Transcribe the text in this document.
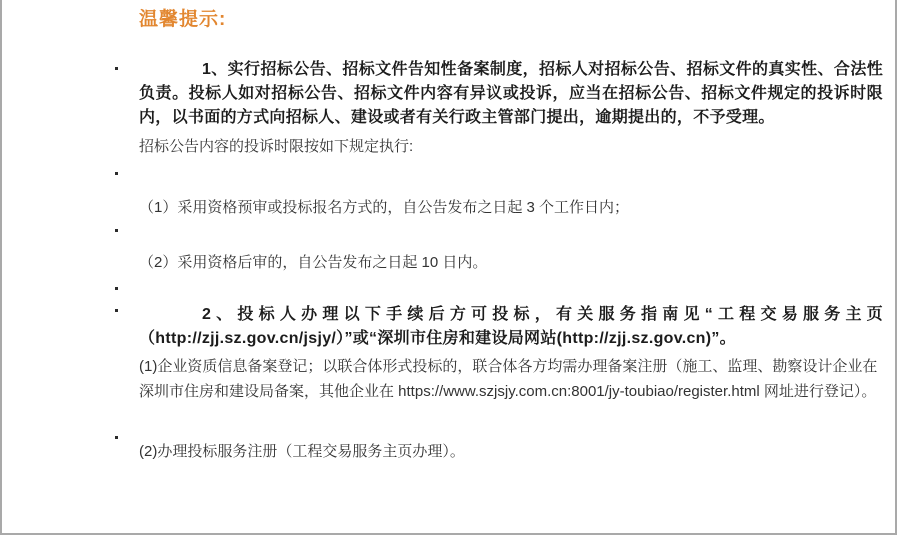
温馨提示:

1、实行招标公告、招标文件告知性备案制度，招标人对招标公告、招标文件的真实性、合法性负责。投标人如对招标公告、招标文件内容有异议或投诉，应当在招标公告、招标文件规定的投诉时限内，以书面的方式向招标人、建设或者有关行政主管部门提出，逾期提出的，不予受理。

招标公告内容的投诉时限按如下规定执行:

（1）采用资格预审或投标报名方式的，自公告发布之日起 3 个工作日内；

（2）采用资格后审的，自公告发布之日起 10 日内。

2、投标人办理以下手续后方可投标，有关服务指南见“工程交易服务主页（http://zjj.sz.gov.cn/jsjy/）”或“深圳市住房和建设局网站(http://zjj.sz.gov.cn)”。

(1)企业资质信息备案登记；以联合体形式投标的，联合体各方均需办理备案注册（施工、监理、勘察设计企业在深圳市住房和建设局备案，其他企业在 https://www.szjsjy.com.cn:8001/jy-toubiao/register.html 网址进行登记）。

(2)办理投标服务注册（工程交易服务主页办理）。
